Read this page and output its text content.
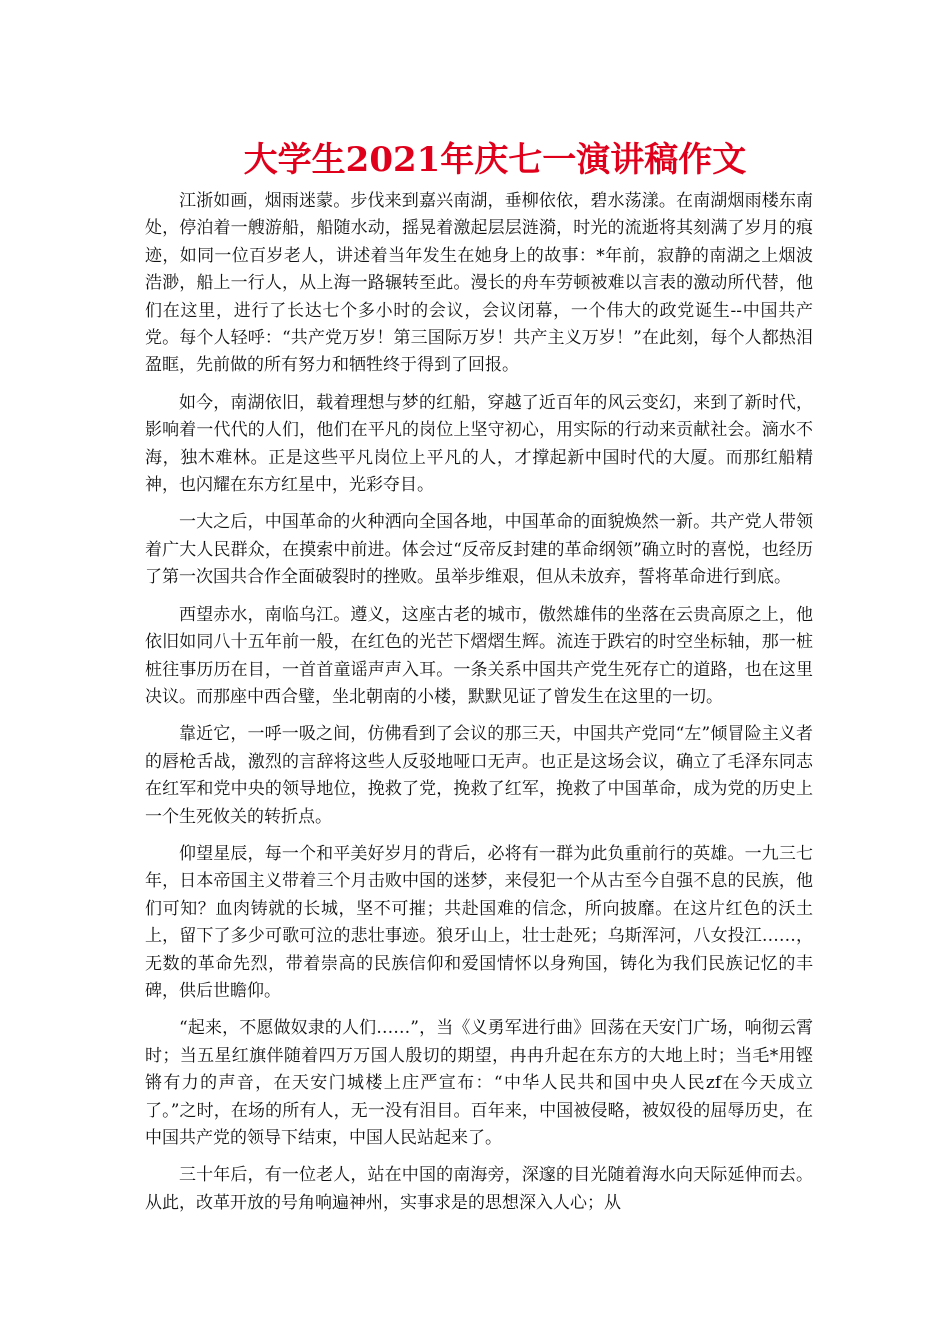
大学生2021年庆七一演讲稿作文

江浙如画，烟雨迷蒙。步伐来到嘉兴南湖，垂柳依依，碧水荡漾。在南湖烟雨楼东南处，停泊着一艘游船，船随水动，摇晃着激起层层涟漪，时光的流逝将其刻满了岁月的痕迹，如同一位百岁老人，讲述着当年发生在她身上的故事：*年前，寂静的南湖之上烟波浩渺，船上一行人，从上海一路辗转至此。漫长的舟车劳顿被难以言表的激动所代替，他们在这里，进行了长达七个多小时的会议，会议闭幕，一个伟大的政党诞生--中国共产党。每个人轻呼：“共产党万岁！第三国际万岁！共产主义万岁！”在此刻，每个人都热泪盈眶，先前做的所有努力和牺牲终于得到了回报。

如今，南湖依旧，载着理想与梦的红船，穿越了近百年的风云变幻，来到了新时代，影响着一代代的人们，他们在平凡的岗位上坚守初心，用实际的行动来贡献社会。滴水不海，独木难林。正是这些平凡岗位上平凡的人，才撑起新中国时代的大厦。而那红船精神，也闪耀在东方红星中，光彩夺目。

一大之后，中国革命的火种洒向全国各地，中国革命的面貌焕然一新。共产党人带领着广大人民群众，在摸索中前进。体会过“反帝反封建的革命纲领”确立时的喜悦，也经历了第一次国共合作全面破裂时的挫败。虽举步维艰，但从未放弃，誓将革命进行到底。

西望赤水，南临乌江。遵义，这座古老的城市，傲然雄伟的坐落在云贵高原之上，他依旧如同八十五年前一般，在红色的光芒下熠熠生辉。流连于跌宕的时空坐标轴，那一桩桩往事历历在目，一首首童谣声声入耳。一条关系中国共产党生死存亡的道路，也在这里决议。而那座中西合璧，坐北朝南的小楼，默默见证了曾发生在这里的一切。

靠近它，一呼一吸之间，仿佛看到了会议的那三天，中国共产党同“左”倾冒险主义者的唇枪舌战，激烈的言辞将这些人反驳地哑口无声。也正是这场会议，确立了毛泽东同志在红军和党中央的领导地位，挽救了党，挽救了红军，挽救了中国革命，成为党的历史上一个生死攸关的转折点。

仰望星辰，每一个和平美好岁月的背后，必将有一群为此负重前行的英雄。一九三七年，日本帝国主义带着三个月击败中国的迷梦，来侵犯一个从古至今自强不息的民族，他们可知？血肉铸就的长城，坚不可摧；共赴国难的信念，所向披靡。在这片红色的沃土上，留下了多少可歌可泣的悲壮事迹。狼牙山上，壮士赴死；乌斯浑河，八女投江……，无数的革命先烈，带着崇高的民族信仰和爱国情怀以身殉国，铸化为我们民族记忆的丰碑，供后世瞻仰。

“起来，不愿做奴隶的人们……”，当《义勇军进行曲》回荡在天安门广场，响彻云霄时；当五星红旗伴随着四万万国人殷切的期望，冉冉升起在东方的大地上时；当毛*用铿锵有力的声音，在天安门城楼上庄严宣布：“中华人民共和国中央人民zf在今天成立了。”之时，在场的所有人，无一没有泪目。百年来，中国被侵略，被奴役的屈辱历史，在中国共产党的领导下结束，中国人民站起来了。

三十年后，有一位老人，站在中国的南海旁，深邃的目光随着海水向天际延伸而去。从此，改革开放的号角响遍神州，实事求是的思想深入人心；从
